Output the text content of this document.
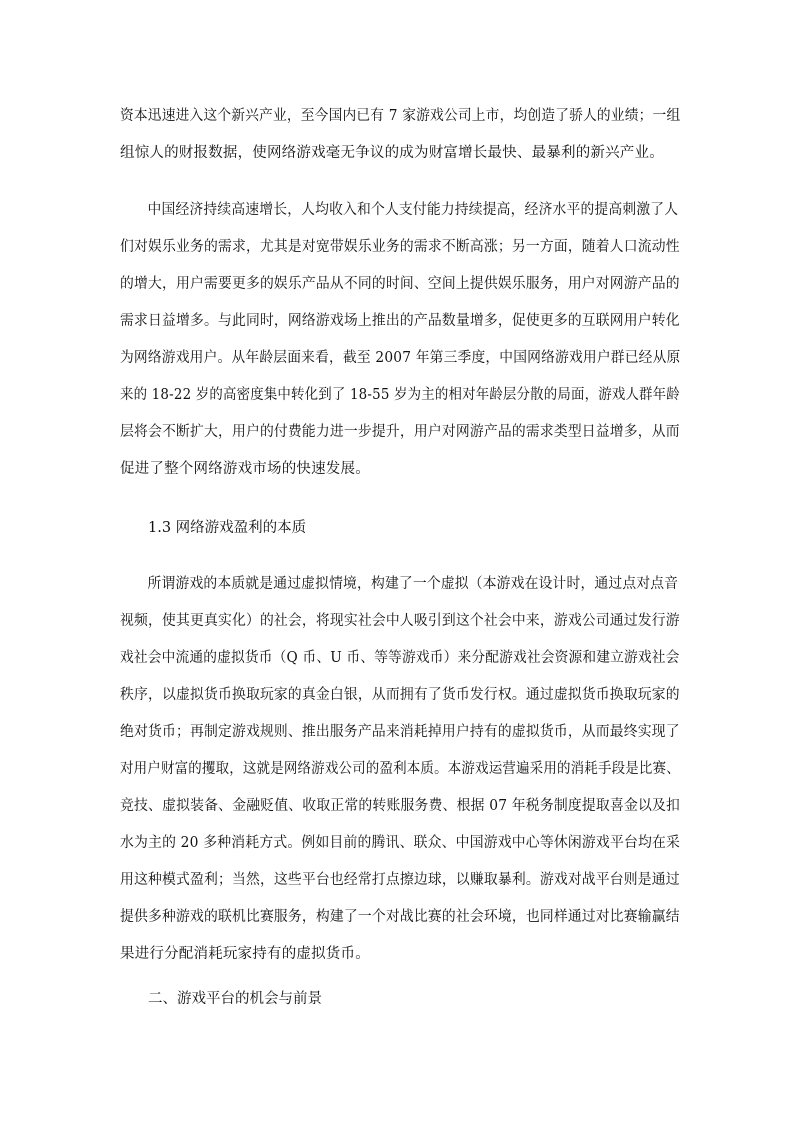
资本迅速进入这个新兴产业，至今国内已有 7 家游戏公司上市，均创造了骄人的业绩；一组
组惊人的财报数据，使网络游戏毫无争议的成为财富增长最快、最暴利的新兴产业。
中国经济持续高速增长，人均收入和个人支付能力持续提高，经济水平的提高刺激了人
们对娱乐业务的需求，尤其是对宽带娱乐业务的需求不断高涨；另一方面，随着人口流动性
的增大，用户需要更多的娱乐产品从不同的时间、空间上提供娱乐服务，用户对网游产品的
需求日益增多。与此同时，网络游戏场上推出的产品数量增多，促使更多的互联网用户转化
为网络游戏用户。从年龄层面来看，截至 2007 年第三季度，中国网络游戏用户群已经从原
来的 18-22 岁的高密度集中转化到了 18-55 岁为主的相对年龄层分散的局面，游戏人群年龄
层将会不断扩大，用户的付费能力进一步提升，用户对网游产品的需求类型日益增多，从而
促进了整个网络游戏市场的快速发展。
1.3 网络游戏盈利的本质
所谓游戏的本质就是通过虚拟情境，构建了一个虚拟（本游戏在设计时，通过点对点音
视频，使其更真实化）的社会，将现实社会中人吸引到这个社会中来，游戏公司通过发行游
戏社会中流通的虚拟货币（Q 币、U 币、等等游戏币）来分配游戏社会资源和建立游戏社会
秩序，以虚拟货币换取玩家的真金白银，从而拥有了货币发行权。通过虚拟货币换取玩家的
绝对货币；再制定游戏规则、推出服务产品来消耗掉用户持有的虚拟货币，从而最终实现了
对用户财富的攫取，这就是网络游戏公司的盈利本质。本游戏运营遍采用的消耗手段是比赛、
竞技、虚拟装备、金融贬值、收取正常的转账服务费、根据 07 年税务制度提取喜金以及扣
水为主的 20 多种消耗方式。例如目前的腾讯、联众、中国游戏中心等休闲游戏平台均在采
用这种模式盈利；当然，这些平台也经常打点擦边球，以赚取暴利。游戏对战平台则是通过
提供多种游戏的联机比赛服务，构建了一个对战比赛的社会环境，也同样通过对比赛输赢结
果进行分配消耗玩家持有的虚拟货币。
二、游戏平台的机会与前景
